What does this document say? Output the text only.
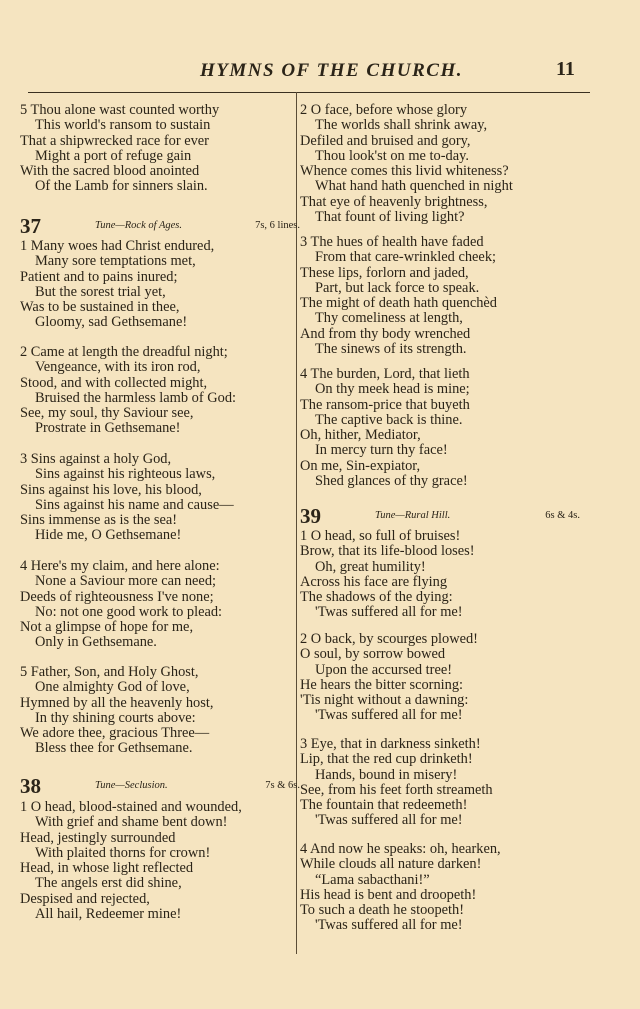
HYMNS OF THE CHURCH.	11
37	Tune—Rock of Ages.	7s, 6 lines.
38	Tune—Seclusion.	7s & 6s.
39	Tune—Rural Hill.	6s & 4s.
5 Thou alone wast counted worthy
This world's ransom to sustain
That a shipwrecked race for ever
Might a port of refuge gain
With the sacred blood anointed
Of the Lamb for sinners slain.
1 Many woes had Christ endured,
Many sore temptations met,
Patient and to pains inured;
But the sorest trial yet,
Was to be sustained in thee,
Gloomy, sad Gethsemane!
2 Came at length the dreadful night;
Vengeance, with its iron rod,
Stood, and with collected might,
Bruised the harmless lamb of God:
See, my soul, thy Saviour see,
Prostrate in Gethsemane!
3 Sins against a holy God,
Sins against his righteous laws,
Sins against his love, his blood,
Sins against his name and cause—
Sins immense as is the sea!
Hide me, O Gethsemane!
4 Here's my claim, and here alone:
None a Saviour more can need;
Deeds of righteousness I've none;
No: not one good work to plead:
Not a glimpse of hope for me,
Only in Gethsemane.
5 Father, Son, and Holy Ghost,
One almighty God of love,
Hymned by all the heavenly host,
In thy shining courts above:
We adore thee, gracious Three—
Bless thee for Gethsemane.
1 O head, blood-stained and wounded,
With grief and shame bent down!
Head, jestingly surrounded
With plaited thorns for crown!
Head, in whose light reflected
The angels erst did shine,
Despised and rejected,
All hail, Redeemer mine!
2 O face, before whose glory
The worlds shall shrink away,
Defiled and bruised and gory,
Thou look'st on me to-day.
Whence comes this livid whiteness?
What hand hath quenched in night
That eye of heavenly brightness,
That fount of living light?
3 The hues of health have faded
From that care-wrinkled cheek;
These lips, forlorn and jaded,
Part, but lack force to speak.
The might of death hath quenchèd
Thy comeliness at length,
And from thy body wrenched
The sinews of its strength.
4 The burden, Lord, that lieth
On thy meek head is mine;
The ransom-price that buyeth
The captive back is thine.
Oh, hither, Mediator,
In mercy turn thy face!
On me, Sin-expiator,
Shed glances of thy grace!
1 O head, so full of bruises!
Brow, that its life-blood loses!
Oh, great humility!
Across his face are flying
The shadows of the dying:
'Twas suffered all for me!
2 O back, by scourges plowed!
O soul, by sorrow bowed
Upon the accursed tree!
He hears the bitter scorning:
'Tis night without a dawning:
'Twas suffered all for me!
3 Eye, that in darkness sinketh!
Lip, that the red cup drinketh!
Hands, bound in misery!
See, from his feet forth streameth
The fountain that redeemeth!
'Twas suffered all for me!
4 And now he speaks: oh, hearken,
While clouds all nature darken!
“Lama sabacthani!”
His head is bent and droopeth!
To such a death he stoopeth!
'Twas suffered all for me!
